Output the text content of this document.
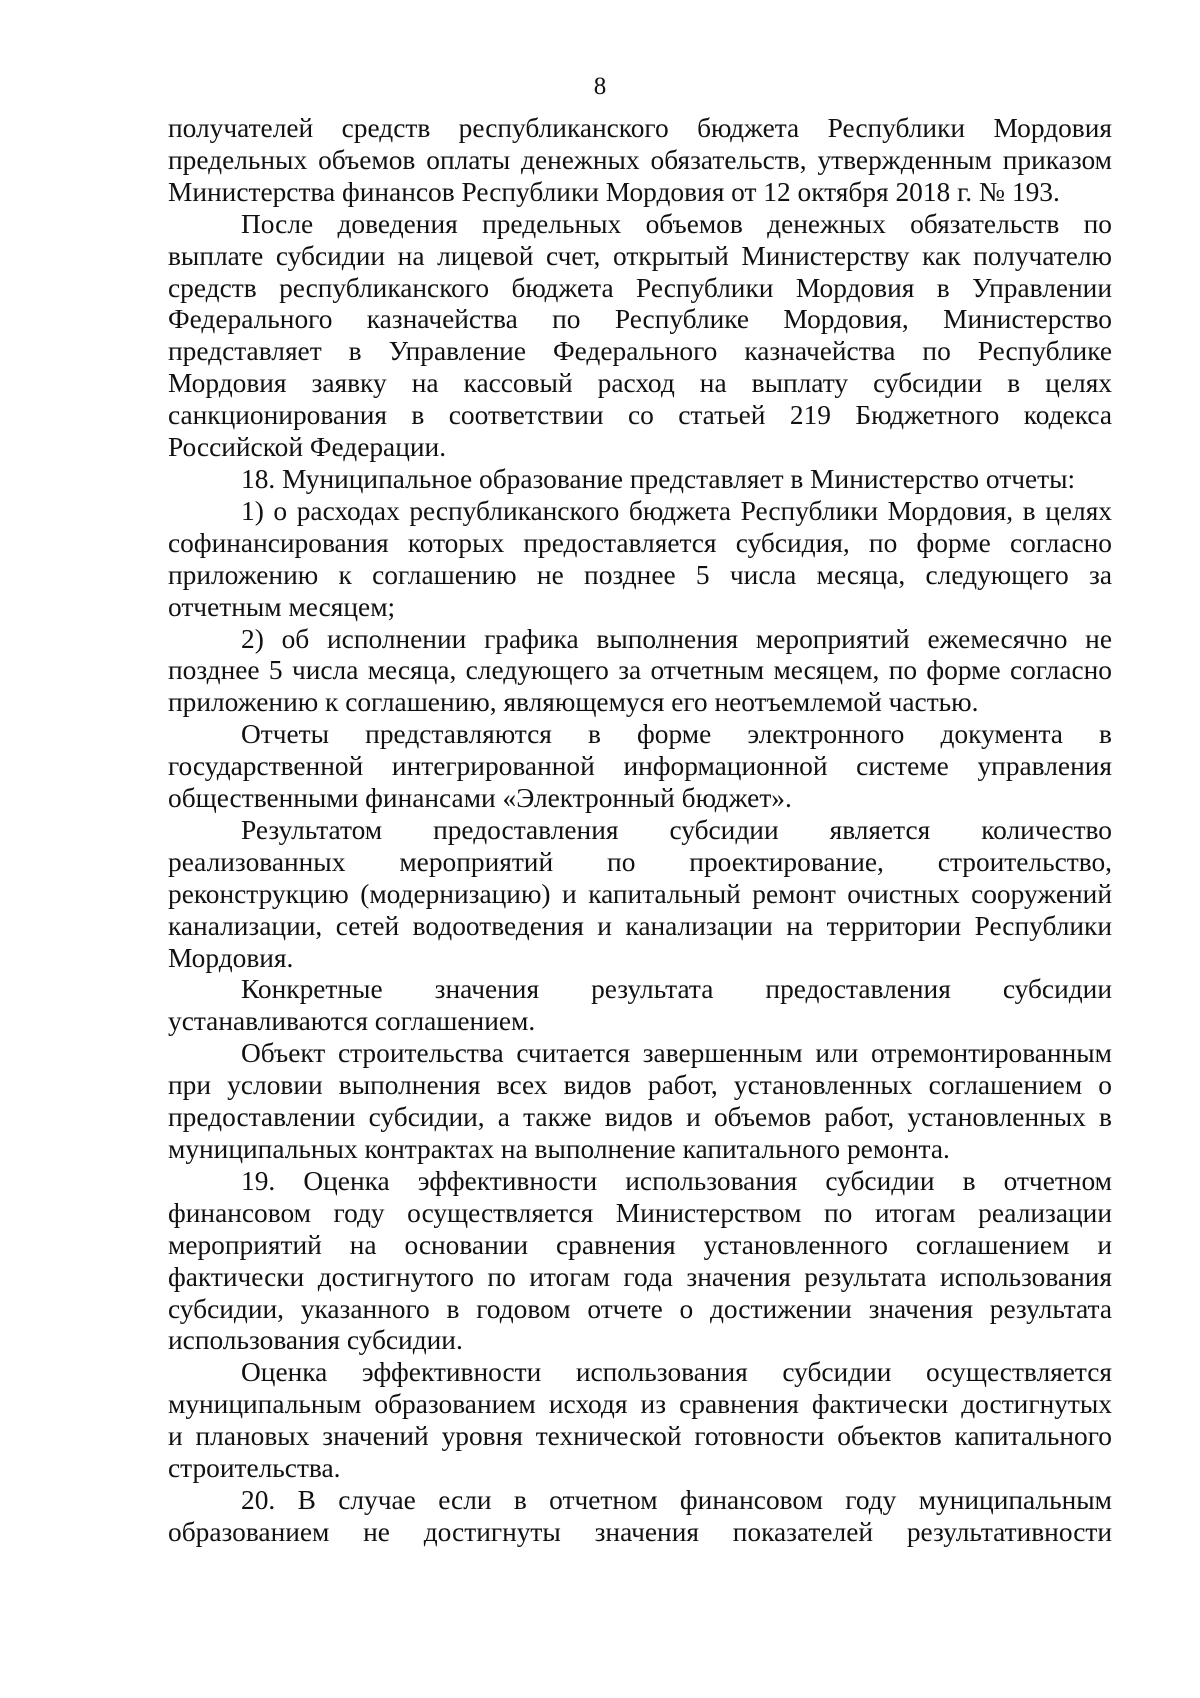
8
получателей средств республиканского бюджета Республики Мордовия
предельных объемов оплаты денежных обязательств, утвержденным приказом
Министерства финансов Республики Мордовия от 12 октября 2018 г. № 193.
После доведения предельных объемов денежных обязательств по
выплате субсидии на лицевой счет, открытый Министерству как получателю
средств республиканского бюджета Республики Мордовия в Управлении
Федерального казначейства по Республике Мордовия, Министерство
представляет в Управление Федерального казначейства по Республике
Мордовия заявку на кассовый расход на выплату субсидии в целях
санкционирования в соответствии со статьей 219 Бюджетного кодекса
Российской Федерации.
18. Муниципальное образование представляет в Министерство отчеты:
1) о расходах республиканского бюджета Республики Мордовия, в целях
софинансирования которых предоставляется субсидия, по форме согласно
приложению к соглашению не позднее 5 числа месяца, следующего за
отчетным месяцем;
2) об исполнении графика выполнения мероприятий ежемесячно не
позднее 5 числа месяца, следующего за отчетным месяцем, по форме согласно
приложению к соглашению, являющемуся его неотъемлемой частью.
Отчеты представляются в форме электронного документа в
государственной интегрированной информационной системе управления
общественными финансами «Электронный бюджет».
Результатом предоставления субсидии является количество
реализованных мероприятий по проектирование, строительство,
реконструкцию (модернизацию) и капитальный ремонт очистных сооружений
канализации, сетей водоотведения и канализации на территории Республики
Мордовия.
Конкретные значения результата предоставления субсидии
устанавливаются соглашением.
Объект строительства считается завершенным или отремонтированным
при условии выполнения всех видов работ, установленных соглашением о
предоставлении субсидии, а также видов и объемов работ, установленных в
муниципальных контрактах на выполнение капитального ремонта.
19. Оценка эффективности использования субсидии в отчетном
финансовом году осуществляется Министерством по итогам реализации
мероприятий на основании сравнения установленного соглашением и
фактически достигнутого по итогам года значения результата использования
субсидии, указанного в годовом отчете о достижении значения результата
использования субсидии.
Оценка эффективности использования субсидии осуществляется
муниципальным образованием исходя из сравнения фактически достигнутых
и плановых значений уровня технической готовности объектов капитального
строительства.
20. В случае если в отчетном финансовом году муниципальным
образованием не достигнуты значения показателей результативности
